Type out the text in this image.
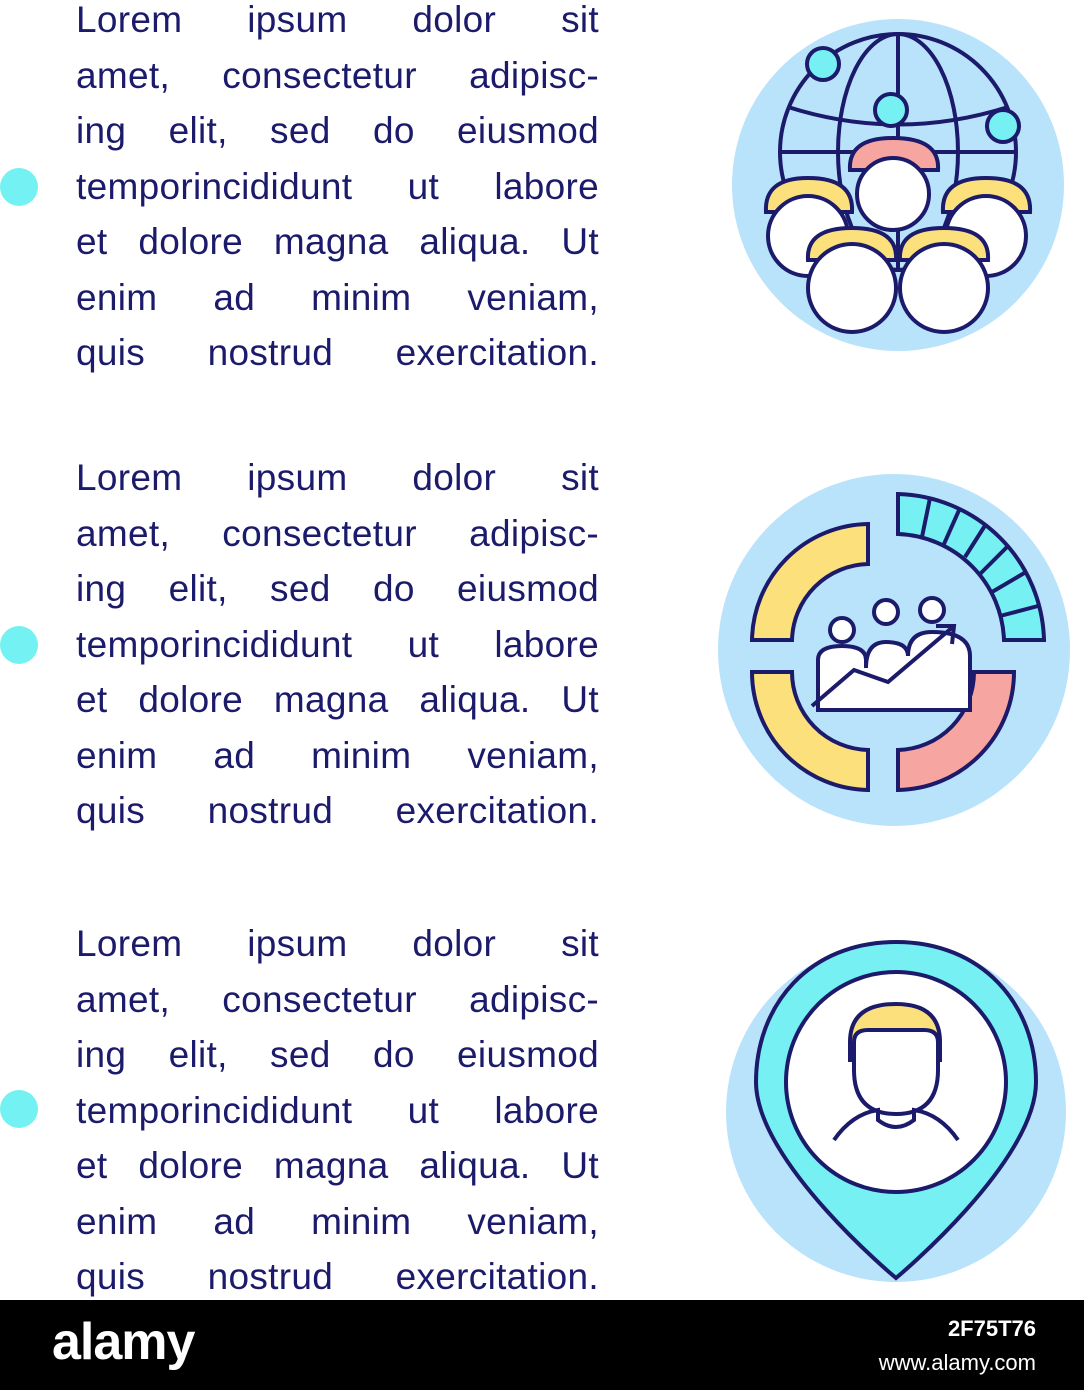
Lorem ipsum dolor sit
amet, consectetur adipisc-
ing elit, sed do eiusmod
temporincididunt ut labore
et dolore magna aliqua. Ut
enim ad minim veniam,
quis nostrud exercitation.

Lorem ipsum dolor sit
amet, consectetur adipisc-
ing elit, sed do eiusmod
temporincididunt ut labore
et dolore magna aliqua. Ut
enim ad minim veniam,
quis nostrud exercitation.

Lorem ipsum dolor sit
amet, consectetur adipisc-
ing elit, sed do eiusmod
temporincididunt ut labore
et dolore magna aliqua. Ut
enim ad minim veniam,
quis nostrud exercitation.

alamy	2F75T76
www.alamy.com
